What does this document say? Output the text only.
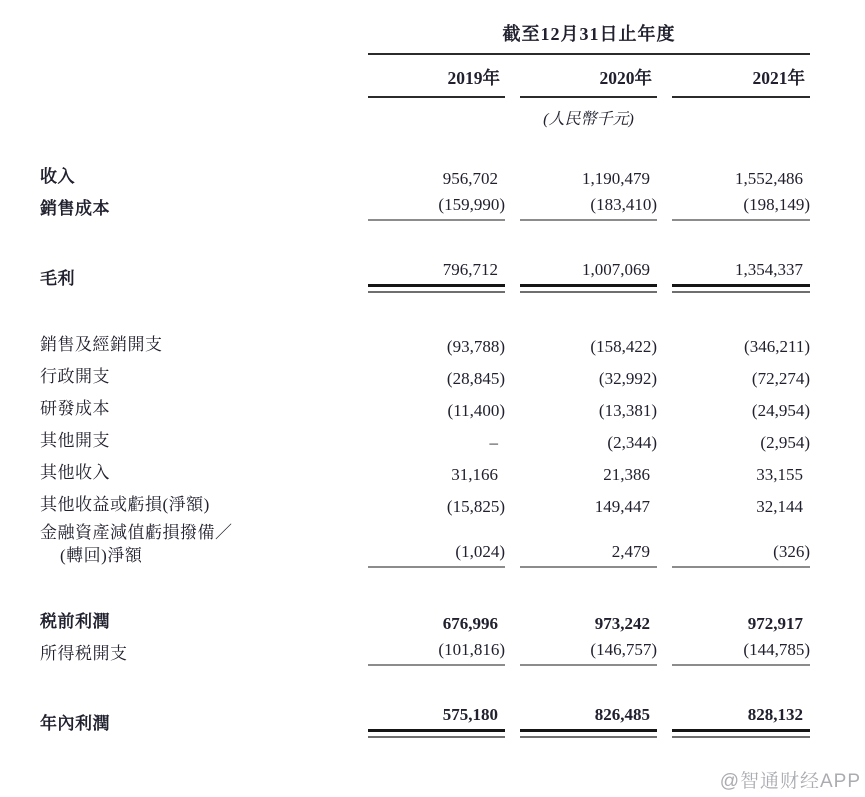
截至12月31日止年度
2019年	2020年	2021年
(人民幣千元)
收入	956,702	1,190,479	1,552,486
銷售成本	(159,990)	(183,410)	(198,149)
毛利	796,712	1,007,069	1,354,337
銷售及經銷開支	(93,788)	(158,422)	(346,211)
行政開支	(28,845)	(32,992)	(72,274)
研發成本	(11,400)	(13,381)	(24,954)
其他開支	–	(2,344)	(2,954)
其他收入	31,166	21,386	33,155
其他收益或虧損(淨額)	(15,825)	149,447	32,144
金融資產減值虧損撥備／
(轉回)淨額	(1,024)	2,479	(326)
税前利潤	676,996	973,242	972,917
所得税開支	(101,816)	(146,757)	(144,785)
年內利潤	575,180	826,485	828,132
@智通财经APP
